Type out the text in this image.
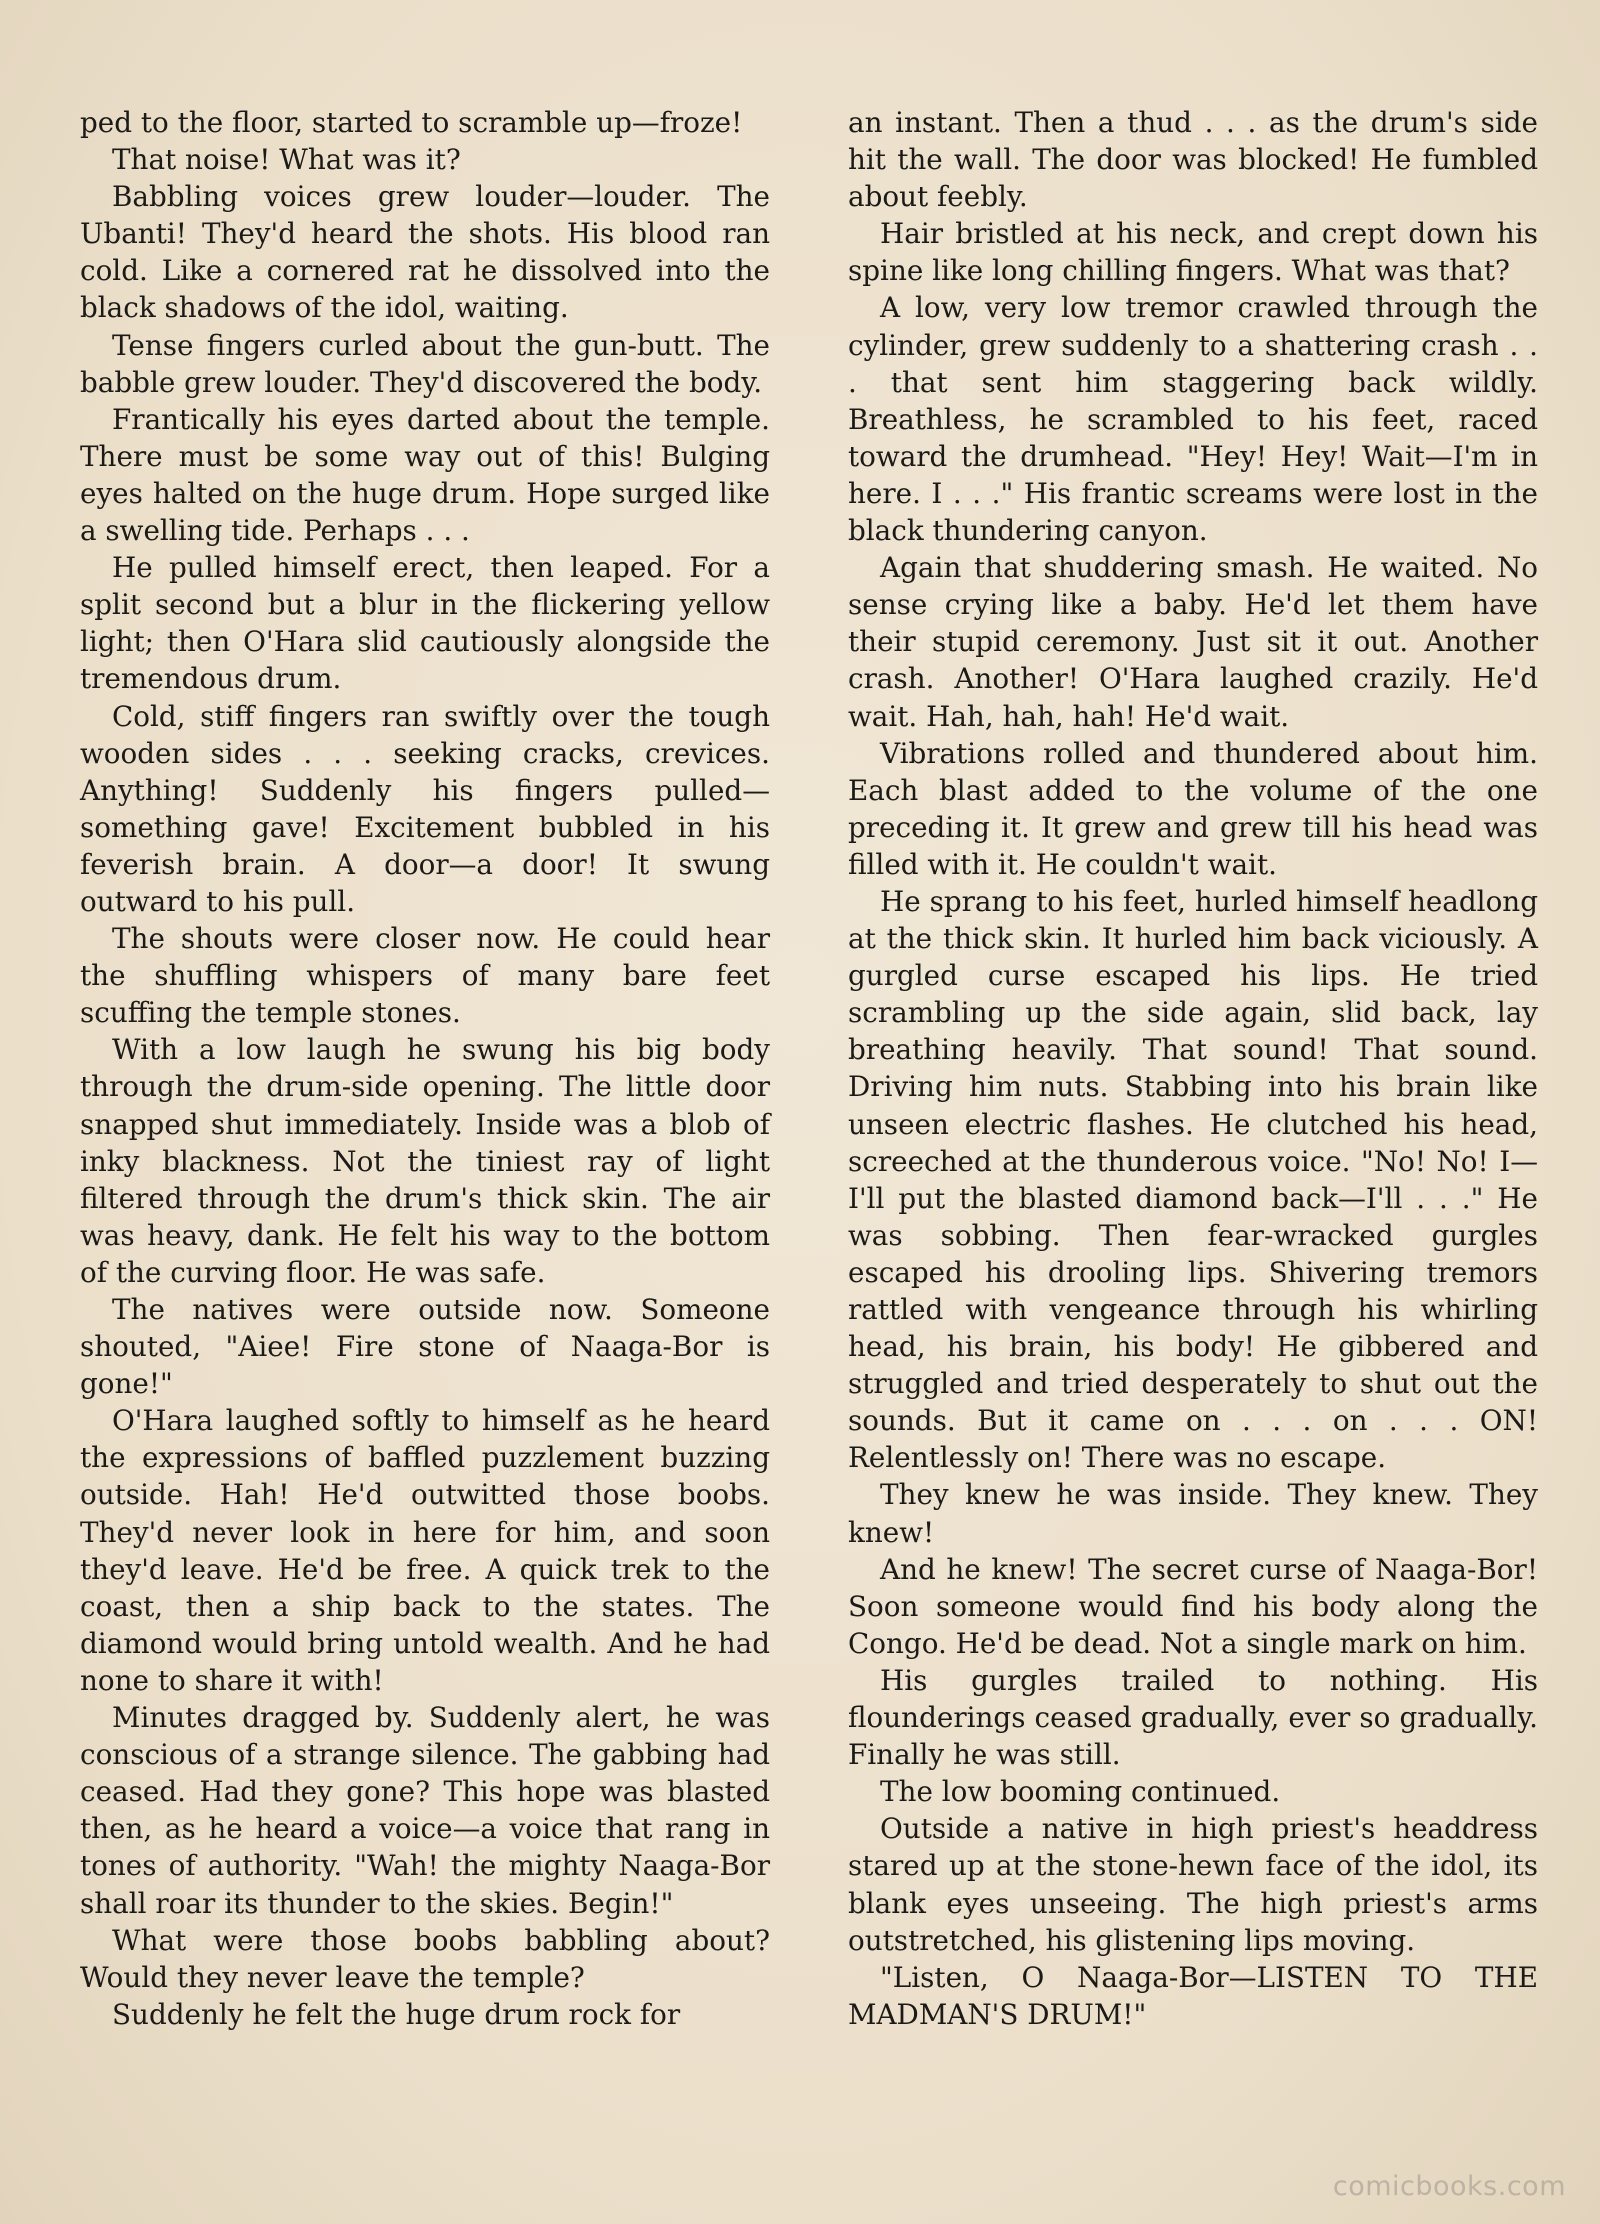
ped to the floor, started to scramble up—froze!

That noise! What was it?

Babbling voices grew louder—louder. The Ubanti! They'd heard the shots. His blood ran cold. Like a cornered rat he dissolved into the black shadows of the idol, waiting.

Tense fingers curled about the gun-butt. The babble grew louder. They'd discovered the body.

Frantically his eyes darted about the temple. There must be some way out of this! Bulging eyes halted on the huge drum. Hope surged like a swelling tide. Perhaps . . .

He pulled himself erect, then leaped. For a split second but a blur in the flickering yellow light; then O'Hara slid cautiously alongside the tremendous drum.

Cold, stiff fingers ran swiftly over the tough wooden sides . . . seeking cracks, crevices. Anything! Suddenly his fingers pulled—something gave! Excitement bubbled in his feverish brain. A door—a door! It swung outward to his pull.

The shouts were closer now. He could hear the shuffling whispers of many bare feet scuffing the temple stones.

With a low laugh he swung his big body through the drum-side opening. The little door snapped shut immediately. Inside was a blob of inky blackness. Not the tiniest ray of light filtered through the drum's thick skin. The air was heavy, dank. He felt his way to the bottom of the curving floor. He was safe.

The natives were outside now. Someone shouted, "Aiee! Fire stone of Naaga-Bor is gone!"

O'Hara laughed softly to himself as he heard the expressions of baffled puzzlement buzzing outside. Hah! He'd outwitted those boobs. They'd never look in here for him, and soon they'd leave. He'd be free. A quick trek to the coast, then a ship back to the states. The diamond would bring untold wealth. And he had none to share it with!

Minutes dragged by. Suddenly alert, he was conscious of a strange silence. The gabbing had ceased. Had they gone? This hope was blasted then, as he heard a voice—a voice that rang in tones of authority. "Wah! the mighty Naaga-Bor shall roar its thunder to the skies. Begin!"

What were those boobs babbling about? Would they never leave the temple?

Suddenly he felt the huge drum rock for

an instant. Then a thud . . . as the drum's side hit the wall. The door was blocked! He fumbled about feebly.

Hair bristled at his neck, and crept down his spine like long chilling fingers. What was that?

A low, very low tremor crawled through the cylinder, grew suddenly to a shattering crash . . . that sent him staggering back wildly. Breathless, he scrambled to his feet, raced toward the drumhead. "Hey! Hey! Wait—I'm in here. I . . ." His frantic screams were lost in the black thundering canyon.

Again that shuddering smash. He waited. No sense crying like a baby. He'd let them have their stupid ceremony. Just sit it out. Another crash. Another! O'Hara laughed crazily. He'd wait. Hah, hah, hah! He'd wait.

Vibrations rolled and thundered about him. Each blast added to the volume of the one preceding it. It grew and grew till his head was filled with it. He couldn't wait.

He sprang to his feet, hurled himself headlong at the thick skin. It hurled him back viciously. A gurgled curse escaped his lips. He tried scrambling up the side again, slid back, lay breathing heavily. That sound! That sound. Driving him nuts. Stabbing into his brain like unseen electric flashes. He clutched his head, screeched at the thunderous voice. "No! No! I—I'll put the blasted diamond back—I'll . . ." He was sobbing. Then fear-wracked gurgles escaped his drooling lips. Shivering tremors rattled with vengeance through his whirling head, his brain, his body! He gibbered and struggled and tried desperately to shut out the sounds. But it came on . . . on . . . ON! Relentlessly on! There was no escape.

They knew he was inside. They knew. They knew!

And he knew! The secret curse of Naaga-Bor! Soon someone would find his body along the Congo. He'd be dead. Not a single mark on him.

His gurgles trailed to nothing. His flounderings ceased gradually, ever so gradually. Finally he was still.

The low booming continued.

Outside a native in high priest's headdress stared up at the stone-hewn face of the idol, its blank eyes unseeing. The high priest's arms outstretched, his glistening lips moving.

"Listen, O Naaga-Bor—LISTEN TO THE MADMAN'S DRUM!"

comicbooks.com
